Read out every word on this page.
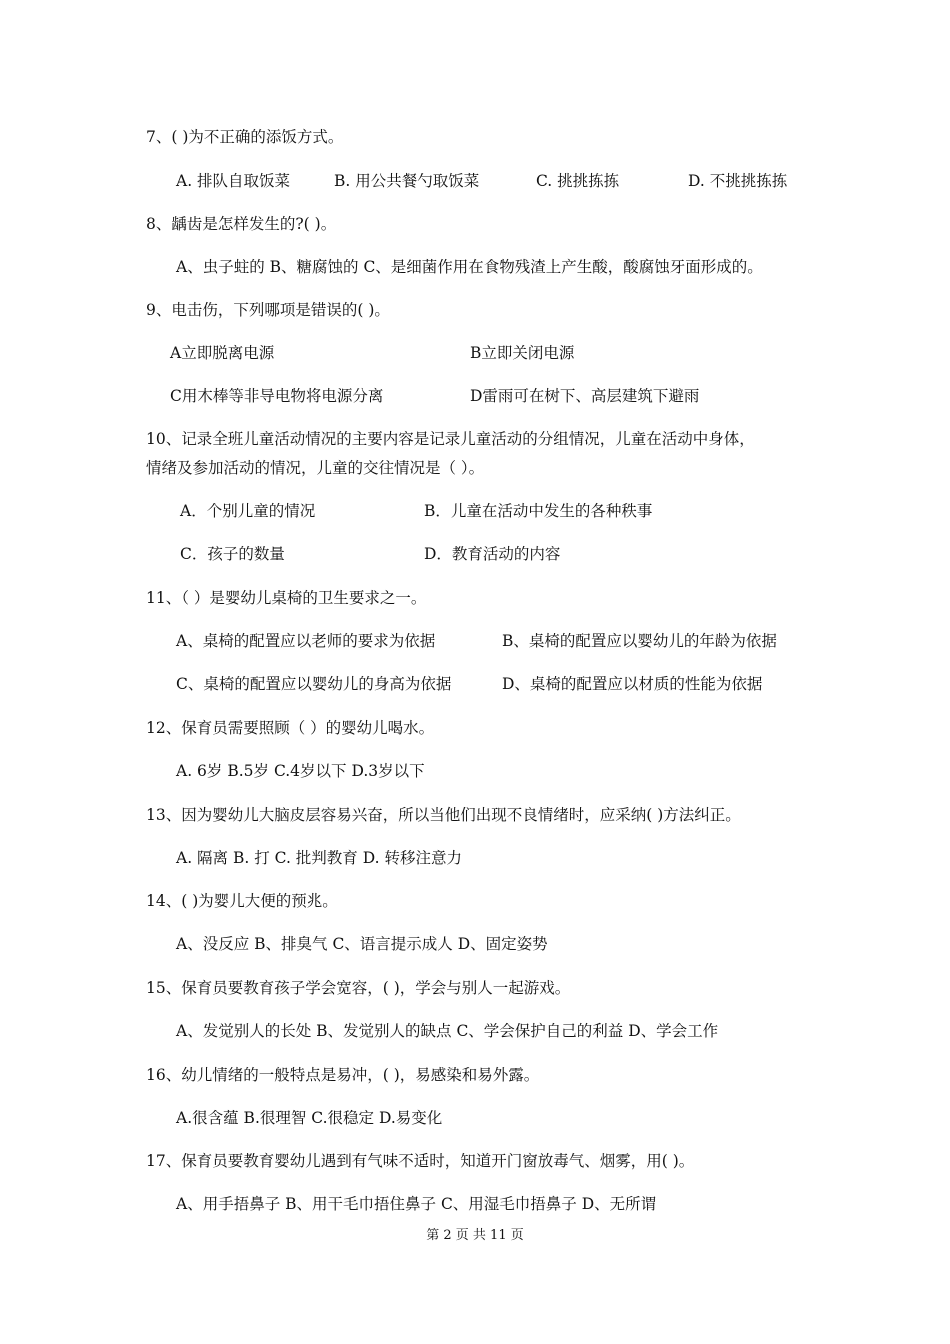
7、( )为不正确的添饭方式。
A. 排队自取饭菜	B. 用公共餐勺取饭菜	C. 挑挑拣拣	D. 不挑挑拣拣
8、龋齿是怎样发生的?( )。
A、虫子蛀的 B、糖腐蚀的 C、是细菌作用在食物残渣上产生酸，酸腐蚀牙面形成的。
9、电击伤，下列哪项是错误的( )。
A立即脱离电源	B立即关闭电源
C用木棒等非导电物将电源分离	D雷雨可在树下、高层建筑下避雨
10、记录全班儿童活动情况的主要内容是记录儿童活动的分组情况，儿童在活动中身体，
情绪及参加活动的情况，儿童的交往情况是（ ）。
A．个别儿童的情况	B．儿童在活动中发生的各种秩事
C．孩子的数量	D．教育活动的内容
11、（ ）是婴幼儿桌椅的卫生要求之一。
A、桌椅的配置应以老师的要求为依据	B、桌椅的配置应以婴幼儿的年龄为依据
C、桌椅的配置应以婴幼儿的身高为依据	D、桌椅的配置应以材质的性能为依据
12、保育员需要照顾（ ）的婴幼儿喝水。
A. 6岁 B.5岁 C.4岁以下 D.3岁以下
13、因为婴幼儿大脑皮层容易兴奋，所以当他们出现不良情绪时，应采纳( )方法纠正。
A. 隔离 B. 打 C. 批判教育 D. 转移注意力
14、( )为婴儿大便的预兆。
A、没反应 B、排臭气 C、语言提示成人 D、固定姿势
15、保育员要教育孩子学会宽容，( )，学会与别人一起游戏。
A、发觉别人的长处 B、发觉别人的缺点 C、学会保护自己的利益 D、学会工作
16、幼儿情绪的一般特点是易冲，( )，易感染和易外露。
A.很含蕴 B.很理智 C.很稳定 D.易变化
17、保育员要教育婴幼儿遇到有气味不适时，知道开门窗放毒气、烟雾，用( )。
A、用手捂鼻子 B、用干毛巾捂住鼻子 C、用湿毛巾捂鼻子 D、无所谓
第 2 页 共 11 页
